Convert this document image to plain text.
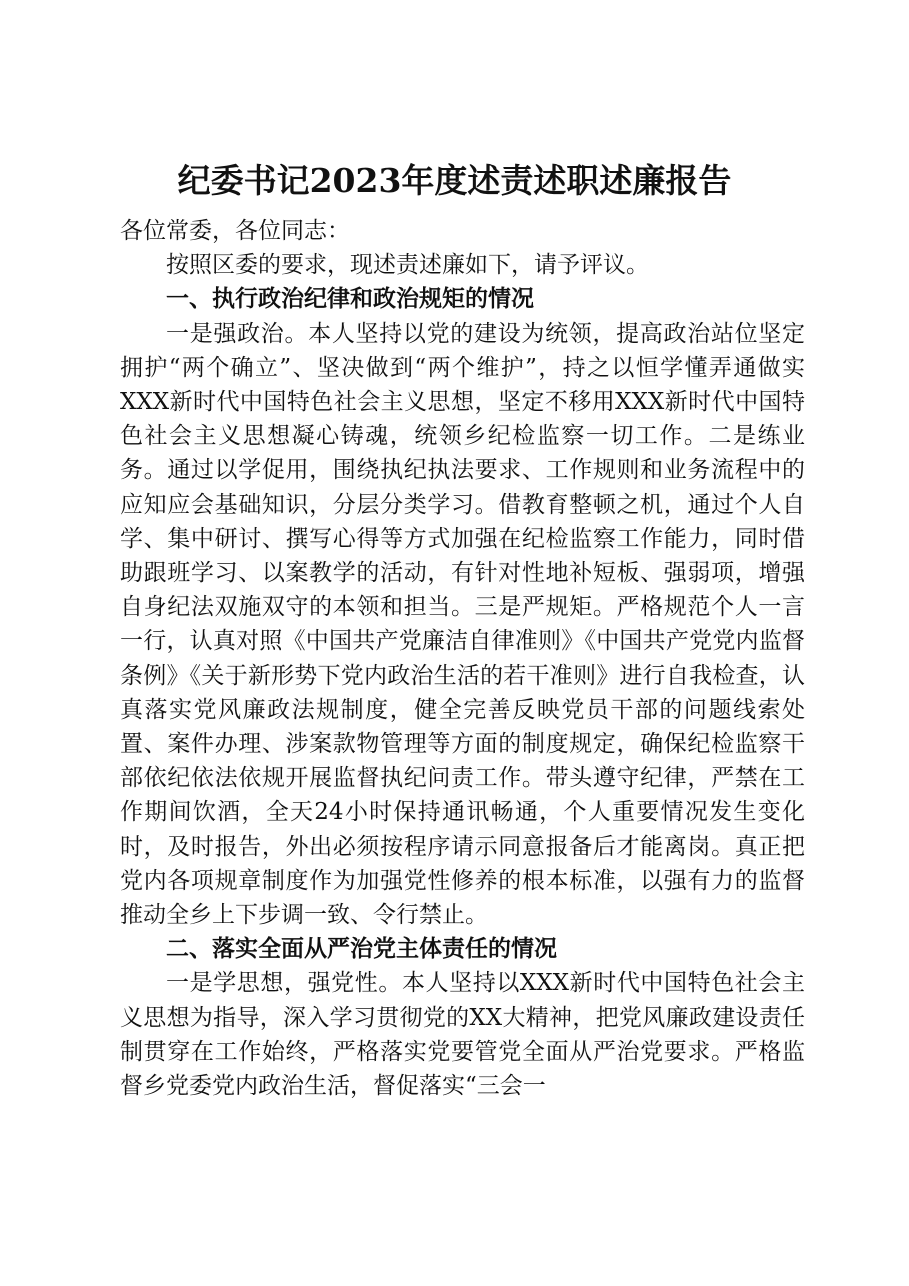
纪委书记2023年度述责述职述廉报告

各位常委，各位同志：

按照区委的要求，现述责述廉如下，请予评议。

一、执行政治纪律和政治规矩的情况

一是强政治。本人坚持以党的建设为统领，提高政治站位坚定拥护“两个确立”、坚决做到“两个维护”，持之以恒学懂弄通做实XXX新时代中国特色社会主义思想，坚定不移用XXX新时代中国特色社会主义思想凝心铸魂，统领乡纪检监察一切工作。二是练业务。通过以学促用，围绕执纪执法要求、工作规则和业务流程中的应知应会基础知识，分层分类学习。借教育整顿之机，通过个人自学、集中研讨、撰写心得等方式加强在纪检监察工作能力，同时借助跟班学习、以案教学的活动，有针对性地补短板、强弱项，增强自身纪法双施双守的本领和担当。三是严规矩。严格规范个人一言一行，认真对照《中国共产党廉洁自律准则》《中国共产党党内监督条例》《关于新形势下党内政治生活的若干准则》进行自我检查，认真落实党风廉政法规制度，健全完善反映党员干部的问题线索处置、案件办理、涉案款物管理等方面的制度规定，确保纪检监察干部依纪依法依规开展监督执纪问责工作。带头遵守纪律，严禁在工作期间饮酒，全天24小时保持通讯畅通，个人重要情况发生变化时，及时报告，外出必须按程序请示同意报备后才能离岗。真正把党内各项规章制度作为加强党性修养的根本标准，以强有力的监督推动全乡上下步调一致、令行禁止。

二、落实全面从严治党主体责任的情况

一是学思想，强党性。本人坚持以XXX新时代中国特色社会主义思想为指导，深入学习贯彻党的XX大精神，把党风廉政建设责任制贯穿在工作始终，严格落实党要管党全面从严治党要求。严格监督乡党委党内政治生活，督促落实“三会一
